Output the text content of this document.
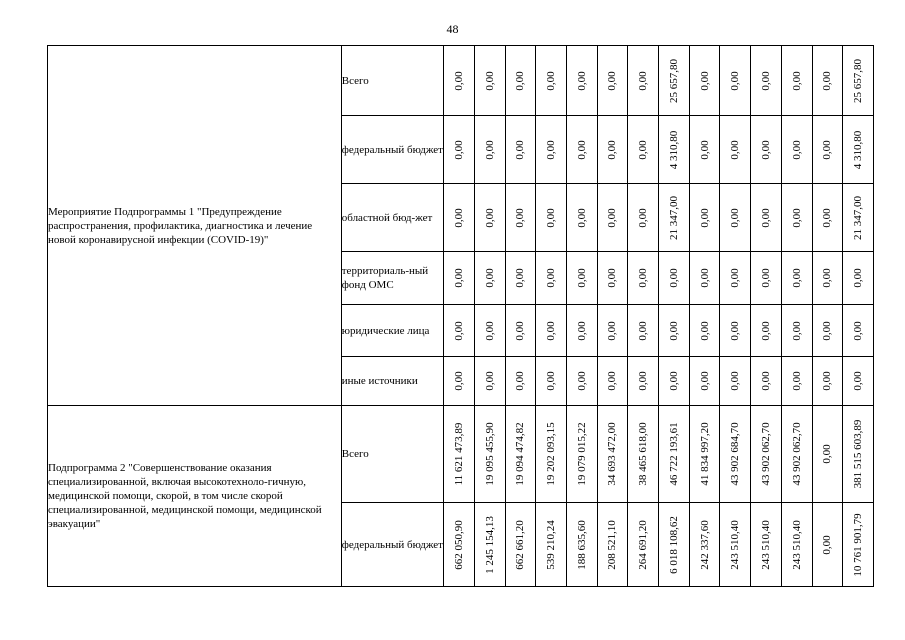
48
Мероприятие Подпрограммы 1 "Предупреждение распространения, профилактика, диагностика и лечение новой коронавирусной инфекции (COVID-19)"	Всего	0,00	0,00	0,00	0,00	0,00	0,00	0,00	25 657,80	0,00	0,00	0,00	0,00	0,00	25 657,80

	федеральный бюджет	0,00	0,00	0,00	0,00	0,00	0,00	0,00	4 310,80	0,00	0,00	0,00	0,00	0,00	4 310,80

	областной бюд-жет	0,00	0,00	0,00	0,00	0,00	0,00	0,00	21 347,00	0,00	0,00	0,00	0,00	0,00	21 347,00

	территориаль-ный фонд ОМС	0,00	0,00	0,00	0,00	0,00	0,00	0,00	0,00	0,00	0,00	0,00	0,00	0,00	0,00

	юридические лица	0,00	0,00	0,00	0,00	0,00	0,00	0,00	0,00	0,00	0,00	0,00	0,00	0,00	0,00

	иные источники	0,00	0,00	0,00	0,00	0,00	0,00	0,00	0,00	0,00	0,00	0,00	0,00	0,00	0,00

Подпрограмма 2 "Совершенствование оказания специализированной, включая высокотехноло-гичную, медицинской помощи, скорой, в том числе скорой специализированной, медицинской помощи, медицинской эвакуации"	Всего	11 621 473,89	19 095 455,90	19 094 474,82	19 202 093,15	19 079 015,22	34 693 472,00	38 465 618,00	46 722 193,61	41 834 997,20	43 902 684,70	43 902 062,70	43 902 062,70	0,00	381 515 603,89

	федеральный бюджет	662 050,90	1 245 154,13	662 661,20	539 210,24	188 635,60	208 521,10	264 691,20	6 018 108,62	242 337,60	243 510,40	243 510,40	243 510,40	0,00	10 761 901,79
